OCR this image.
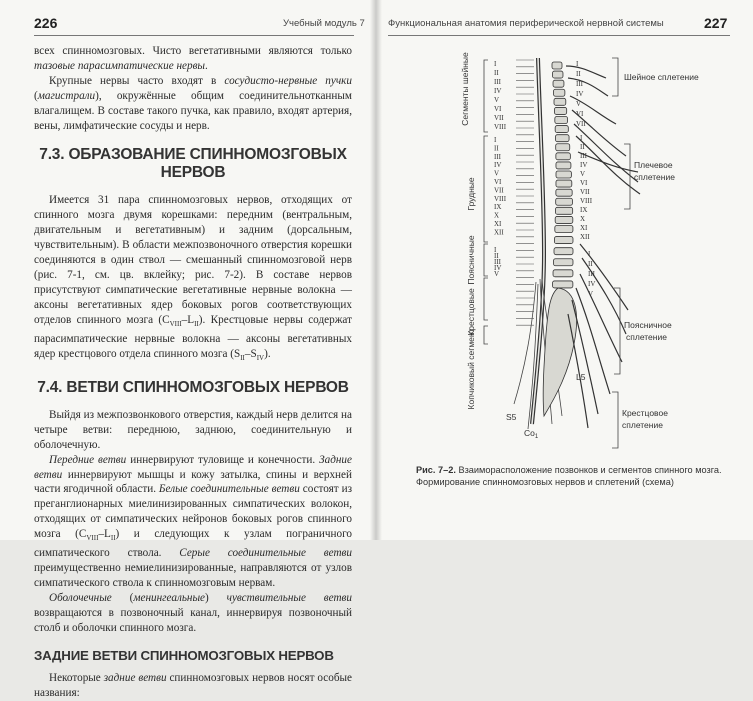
226	Учебный модуль 7

всех спинномозговых. Чисто вегетативными являются только тазовые парасимпатические нервы.

Крупные нервы часто входят в сосудисто-нервные пучки (магистрали), окружённые общим соединительнотканным влагалищем. В составе такого пучка, как правило, входят артерия, вены, лимфатические сосуды и нерв.

7.3. ОБРАЗОВАНИЕ СПИННОМОЗГОВЫХ НЕРВОВ

Имеется 31 пара спинномозговых нервов, отходящих от спинного мозга двумя корешками: передним (вентральным, двигательным и вегетативным) и задним (дорсальным, чувствительным). В области межпозвоночного отверстия корешки соединяются в один ствол — смешанный спинномозговой нерв (рис. 7-1, см. цв. вклейку; рис. 7-2). В составе нервов присутствуют симпатические вегетативные нервные волокна — аксоны вегетативных ядер боковых рогов соответствующих отделов спинного мозга $(C_{VIII}-L_{II})$. Крестцовые нервы содержат парасимпатические нервные волокна — аксоны вегетативных ядер крестцового отдела спинного мозга $(S_{II}-S_{IV})$.

7.4. ВЕТВИ СПИННОМОЗГОВЫХ НЕРВОВ

Выйдя из межпозвонкового отверстия, каждый нерв делится на четыре ветви: переднюю, заднюю, соединительную и оболочечную.

Передние ветви иннервируют туловище и конечности. Задние ветви иннервируют мышцы и кожу затылка, спины и верхней части ягодичной области. Белые соединительные ветви состоят из преганглионарных миелинизированных симпатических волокон, отходящих от симпатических нейронов боковых рогов спинного мозга $(C_{VIII}-L_{II})$ и следующих к узлам пограничного симпатического ствола. Серые соединительные ветви преимущественно немиелинизированные, направляются от узлов симпатического ствола к спинномозговым нервам.

Оболочечные (менингеальные) чувствительные ветви возвращаются в позвоночный канал, иннервируя позвоночный столб и оболочки спинного мозга.

ЗАДНИЕ ВЕТВИ СПИННОМОЗГОВЫХ НЕРВОВ

Некоторые задние ветви спинномозговых нервов носят особые названия:

Функциональная анатомия периферической нервной системы	227
Сегменты шейные
Грудные
Поясничные
Крестцовые
Копчиковый сегмент
Шейное сплетение
Плечевое
сплетение
Поясничное
сплетение
Крестцовое
сплетение
L5
S5
$Co_1$
I
II
III
IV
V
VI
VII
VIII
I
II
III
IV
V
VI
VII
VIII
IX
X
XI
XII
I
II
III
IV
V
I
II
III
IV
V
VI
VII
I
II
III
IV
V
VI
VII
VIII
IX
X
XI
XII
I
II
III
IV
V
Рис. 7–2. Взаиморасположение позвонков и сегментов спинного мозга.
Формирование спинномозговых нервов и сплетений (схема)
